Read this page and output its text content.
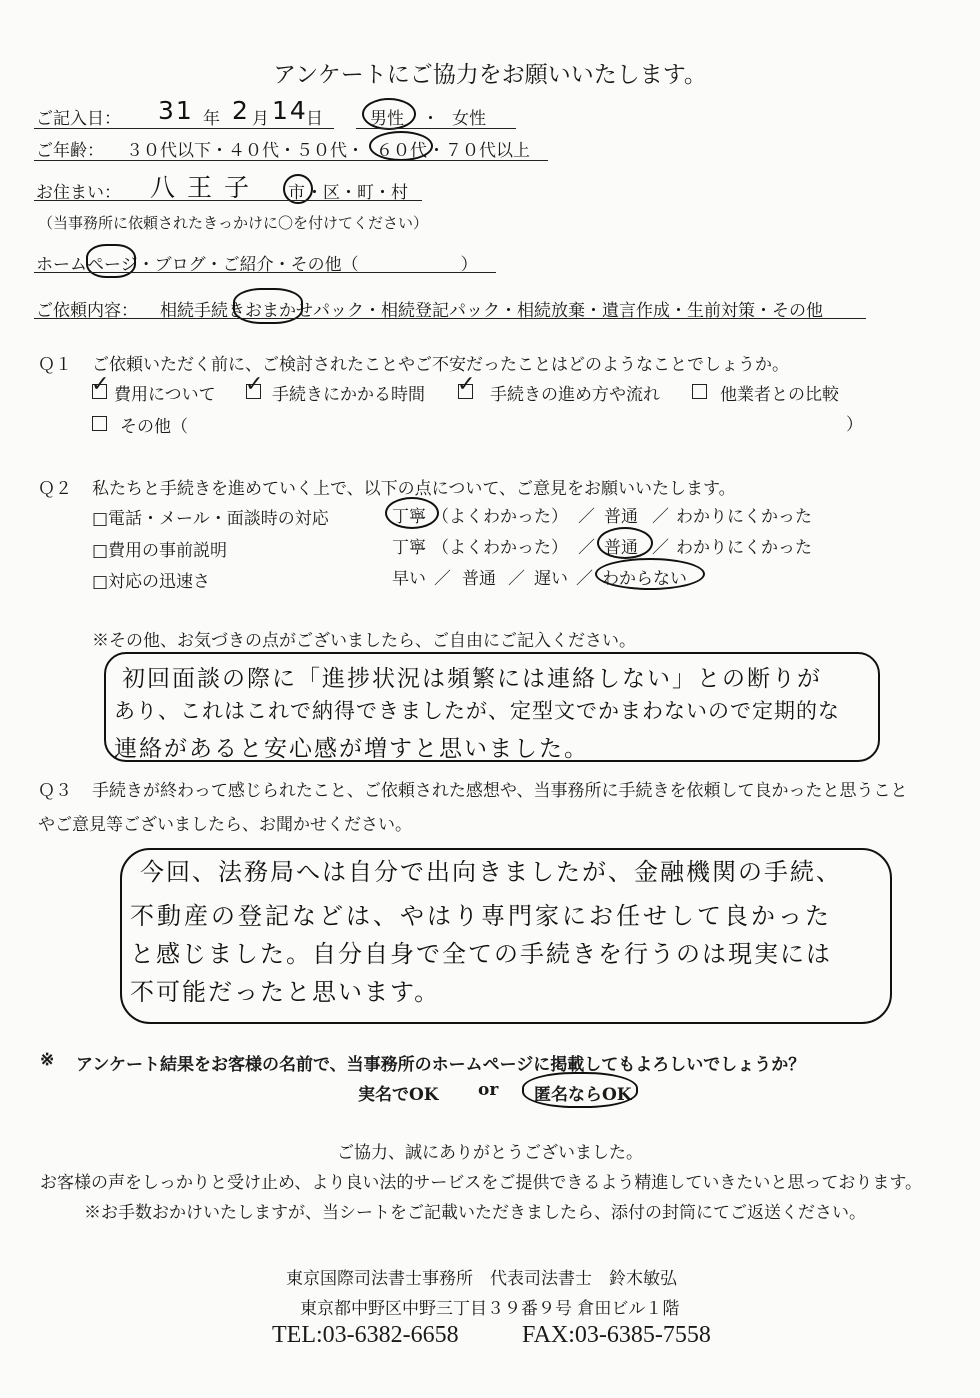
アンケートにご協力をお願いいたします。
ご記入日： 31 年 2 月 14
日	男性 ・ 女性
ご年齢： ３０代以下・４０代・５０代・ ６０代 ・７０代以上
お住まい： 八王子 市 ・区・町・村
（当事務所に依頼されたきっかけに〇を付けてください）
ホームページ・ブログ・ご紹介・その他（　　　　　　）
ご依頼内容： 相続手続きおまかせパック・相続登記パック・相続放棄・遺言作成・生前対策・その他
Ｑ１ ご依頼いただく前に、ご検討されたことやご不安だったことはどのようなことでしょうか。
✓ 費用について ✓ 手続きにかかる時間 ✓ 手続きの進め方や流れ	他業者との比較
その他（	）
Ｑ２ 私たちと手続きを進めていく上で、以下の点について、ご意見をお願いいたします。
□電話・メール・面談時の対応	丁寧 （よくわかった） ／ 普通 ／ わかりにくかった
□費用の事前説明	丁寧 （よくわかった） ／ 普通 ／ わかりにくかった
□対応の迅速さ	早い ／ 普通 ／ 遅い ／ わからない
※その他、お気づきの点がございましたら、ご自由にご記入ください。
初回面談の際に「進捗状況は頻繁には連絡しない」との断りが
あり、これはこれで納得できましたが、定型文でかまわないので定期的な
連絡があると安心感が増すと思いました。
Ｑ３ 手続きが終わって感じられたこと、ご依頼された感想や、当事務所に手続きを依頼して良かったと思うこと
やご意見等ございましたら、お聞かせください。
今回、法務局へは自分で出向きましたが、金融機関の手続、
不動産の登記などは、やはり専門家にお任せして良かった
と感じました。自分自身で全ての手続きを行うのは現実には
不可能だったと思います。
※ アンケート結果をお客様の名前で、当事務所のホームページに掲載してもよろしいでしょうか？
実名でOK or 匿名ならOK
ご協力、誠にありがとうございました。
お客様の声をしっかりと受け止め、より良い法的サービスをご提供できるよう精進していきたいと思っております。
※お手数おかけいたしますが、当シートをご記載いただきましたら、添付の封筒にてご返送ください。
東京国際司法書士事務所　代表司法書士　鈴木敏弘
東京都中野区中野三丁目３９番９号 倉田ビル１階
TEL:03-6382-6658	FAX:03-6385-7558
